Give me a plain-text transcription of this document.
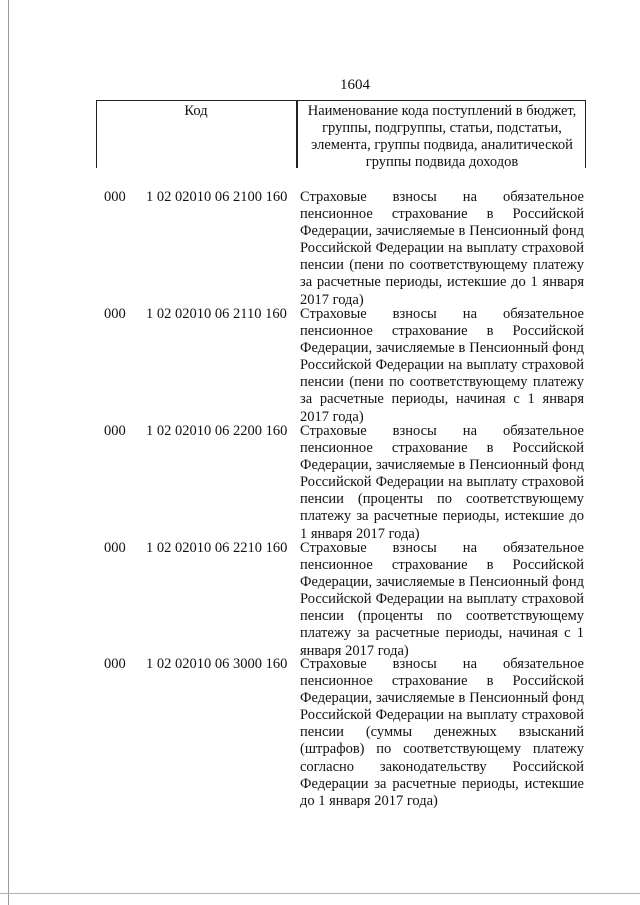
1604
Код	Наименование кода поступлений в бюджет, группы, подгруппы, статьи, подстатьи, элемента, группы подвида, аналитической группы подвида доходов
000 1 02 02010 06 2100 160 Страховые взносы на обязательное пенсионное страхование в Российской Федерации, зачисляемые в Пенсионный фонд Российской Федерации на выплату страховой пенсии (пени по соответствующему платежу за расчетные периоды, истекшие до 1 января 2017 года)
000 1 02 02010 06 2110 160 Страховые взносы на обязательное пенсионное страхование в Российской Федерации, зачисляемые в Пенсионный фонд Российской Федерации на выплату страховой пенсии (пени по соответствующему платежу за расчетные периоды, начиная с 1 января 2017 года)
000 1 02 02010 06 2200 160 Страховые взносы на обязательное пенсионное страхование в Российской Федерации, зачисляемые в Пенсионный фонд Российской Федерации на выплату страховой пенсии (проценты по соответствующему платежу за расчетные периоды, истекшие до 1 января 2017 года)
000 1 02 02010 06 2210 160 Страховые взносы на обязательное пенсионное страхование в Российской Федерации, зачисляемые в Пенсионный фонд Российской Федерации на выплату страховой пенсии (проценты по соответствующему платежу за расчетные периоды, начиная с 1 января 2017 года)
000 1 02 02010 06 3000 160 Страховые взносы на обязательное пенсионное страхование в Российской Федерации, зачисляемые в Пенсионный фонд Российской Федерации на выплату страховой пенсии (суммы денежных взысканий (штрафов) по соответствующему платежу согласно законодательству Российской Федерации за расчетные периоды, истекшие до 1 января 2017 года)
